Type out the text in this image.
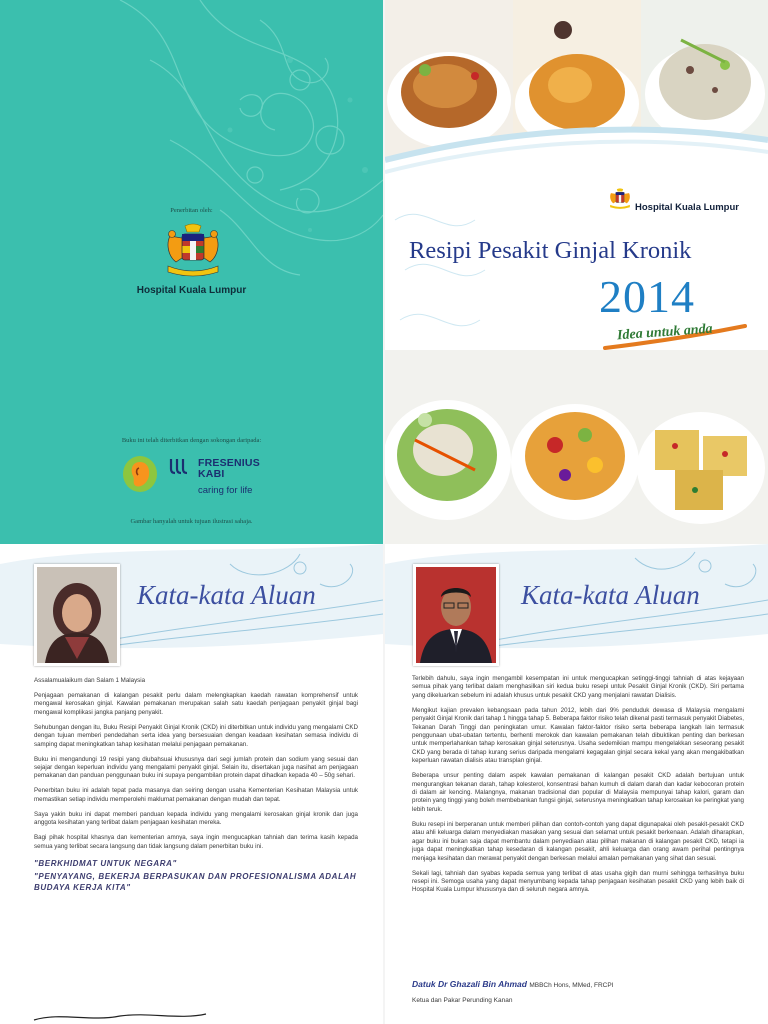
Penerbitan oleh:
Hospital Kuala Lumpur
Buku ini telah diterbitkan dengan sokongan daripada:
FRESENIUS
KABI
caring for life
Gambar hanyalah untuk tujuan ilustrasi sahaja.
Hospital Kuala Lumpur
Resipi Pesakit Ginjal Kronik
2014
Idea untuk anda
Kata-kata Aluan

Assalamualaikum dan Salam 1 Malaysia

Penjagaan pemakanan di kalangan pesakit perlu dalam melengkapkan kaedah rawatan komprehensif untuk mengawal kerosakan ginjal. Kawalan pemakanan merupakan salah satu kaedah penjagaan penyakit ginjal bagi mengawal komplikasi jangka panjang penyakit.

Sehubungan dengan itu, Buku Resipi Penyakit Ginjal Kronik (CKD) ini diterbitkan untuk individu yang mengalami CKD dengan tujuan memberi pendedahan serta idea yang bersesuaian dengan keadaan kesihatan semasa individu di samping dapat meningkatkan tahap kesihatan melalui penjagaan pemakanan.

Buku ini mengandungi 19 resipi yang diubahsuai khususnya dari segi jumlah protein dan sodium yang sesuai dan sejajar dengan keperluan individu yang mengalami penyakit ginjal. Selain itu, disertakan juga nasihat am penjagaan pemakanan dan panduan penggunaan buku ini supaya pengambilan protein dapat dihadkan kepada 40 – 50g sehari.

Penerbitan buku ini adalah tepat pada masanya dan seiring dengan usaha Kementerian Kesihatan Malaysia untuk memastikan setiap individu memperolehi maklumat pemakanan dengan mudah dan tepat.

Saya yakin buku ini dapat memberi panduan kepada individu yang mengalami kerosakan ginjal kronik dan juga anggota kesihatan yang terlibat dalam penjagaan kesihatan mereka.

Bagi pihak hospital khasnya dan kementerian amnya, saya ingin mengucapkan tahniah dan terima kasih kepada semua yang terlibat secara langsung dan tidak langsung dalam penerbitan buku ini.

"BERKHIDMAT UNTUK NEGARA"
"PENYAYANG, BEKERJA BERPASUKAN DAN PROFESIONALISMA ADALAH BUDAYA KERJA KITA"
Kata-kata Aluan

Terlebih dahulu, saya ingin mengambil kesempatan ini untuk mengucapkan setinggi-tinggi tahniah di atas kejayaan semua pihak yang terlibat dalam menghasilkan siri kedua buku resepi untuk Pesakit Ginjal Kronik (CKD). Siri pertama yang dikeluarkan sebelum ini adalah khusus untuk pesakit CKD yang menjalani rawatan Dialisis.

Mengikut kajian prevalen kebangsaan pada tahun 2012, lebih dari 9% penduduk dewasa di Malaysia mengalami penyakit Ginjal Kronik dari tahap 1 hingga tahap 5. Beberapa faktor risiko telah dikenal pasti termasuk penyakit Diabetes, Tekanan Darah Tinggi dan peningkatan umur. Kawalan faktor-faktor risiko serta beberapa langkah lain termasuk penggunaan ubat-ubatan tertentu, berhenti merokok dan kawalan pemakanan telah dibuktikan penting dan berkesan untuk memperlahankan tahap kerosakan ginjal seterusnya. Usaha sedemikian mampu mengelakkan seseorang pesakit CKD yang berada di tahap kurang serius daripada mengalami kegagalan ginjal secara kekal yang akan mengakibatkan keperluan rawatan dialisis atau transplan ginjal.

Beberapa unsur penting dalam aspek kawalan pemakanan di kalangan pesakit CKD adalah bertujuan untuk mengurangkan tekanan darah, tahap kolesterol, konsentrasi bahan kumuh di dalam darah dan kadar kebocoran protein di dalam air kencing. Malangnya, makanan tradisional dan popular di Malaysia mempunyai tahap kalori, garam dan protein yang tinggi yang boleh membebankan fungsi ginjal, seterusnya meningkatkan tahap kerosakan ke peringkat yang lebih teruk.

Buku resepi ini berperanan untuk memberi pilihan dan contoh-contoh yang dapat digunapakai oleh pesakit-pesakit CKD atau ahli keluarga dalam menyediakan masakan yang sesuai dan selamat untuk pesakit berkenaan. Adalah diharapkan, agar buku ini bukan saja dapat membantu dalam penyediaan atau pilihan makanan di kalangan pesakit CKD, tetapi ia juga dapat meningkatkan tahap kesedaran di kalangan pesakit, ahli keluarga dan orang awam perihal pentingnya menjaga kesihatan dan merawat penyakit dengan berkesan melalui amalan pemakanan yang sihat dan sesuai.

Sekali lagi, tahniah dan syabas kepada semua yang terlibat di atas usaha gigih dan murni sehingga terhasilnya buku resepi ini. Semoga usaha yang dapat menyumbang kepada tahap penjagaan kesihatan pesakit CKD yang lebih baik di Hospital Kuala Lumpur khususnya dan di seluruh negara amnya.

Datuk Dr Ghazali Bin Ahmad MBBCh Hons, MMed, FRCPI
Ketua dan Pakar Perunding Kanan
